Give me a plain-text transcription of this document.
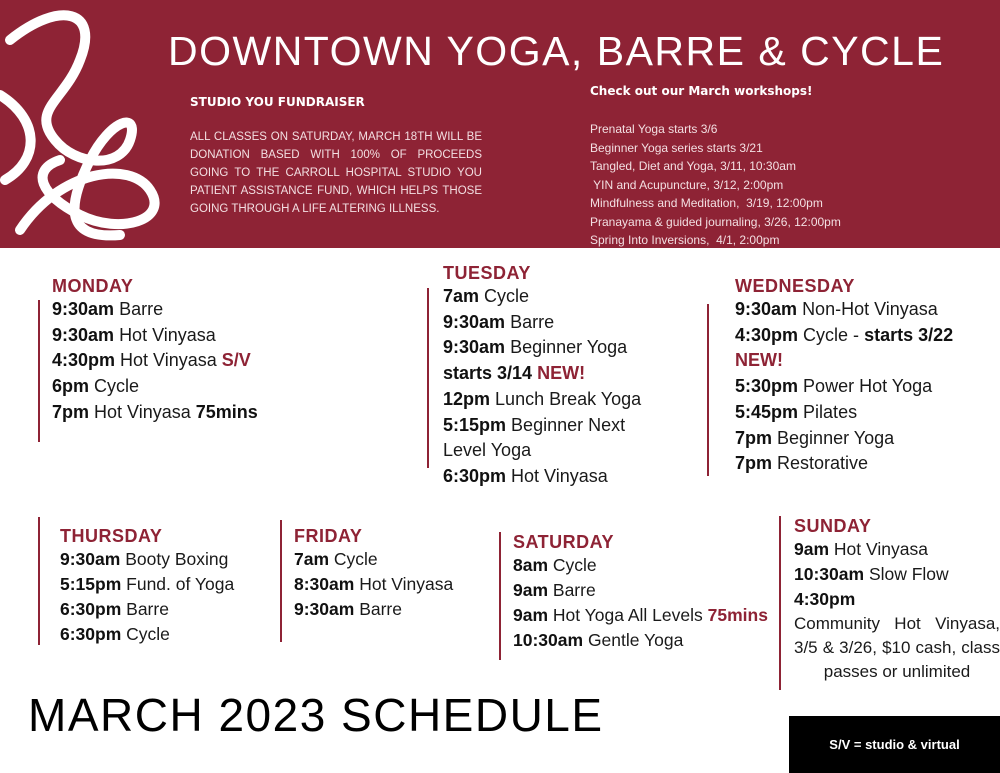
DOWNTOWN YOGA, BARRE & CYCLE
STUDIO YOU FUNDRAISER
ALL CLASSES ON SATURDAY, MARCH 18TH WILL BE DONATION BASED WITH 100% OF PROCEEDS GOING TO THE CARROLL HOSPITAL STUDIO YOU PATIENT ASSISTANCE FUND, WHICH HELPS THOSE GOING THROUGH A LIFE ALTERING ILLNESS.
Check out our March workshops!
Prenatal Yoga starts 3/6
Beginner Yoga series starts 3/21
Tangled, Diet and Yoga, 3/11, 10:30am
YIN and Acupuncture, 3/12, 2:00pm
Mindfulness and Meditation,  3/19, 12:00pm
Pranayama & guided journaling, 3/26, 12:00pm
Spring Into Inversions,  4/1, 2:00pm
MONDAY
9:30am Barre
9:30am Hot Vinyasa
4:30pm Hot Vinyasa S/V
6pm Cycle
7pm Hot Vinyasa 75mins
TUESDAY
7am Cycle
9:30am Barre
9:30am Beginner Yoga
starts 3/14 NEW!
12pm Lunch Break Yoga
5:15pm Beginner Next
Level Yoga
6:30pm Hot Vinyasa
WEDNESDAY
9:30am Non-Hot Vinyasa
4:30pm Cycle - starts 3/22
NEW!
5:30pm Power Hot Yoga
5:45pm Pilates
7pm Beginner Yoga
7pm Restorative
THURSDAY
9:30am Booty Boxing
5:15pm Fund. of Yoga
6:30pm Barre
6:30pm Cycle
FRIDAY
7am Cycle
8:30am Hot Vinyasa
9:30am Barre
SATURDAY
8am Cycle
9am Barre
9am Hot Yoga All Levels 75mins
10:30am Gentle Yoga
SUNDAY
9am Hot Vinyasa
10:30am Slow Flow
4:30pm
Community Hot Vinyasa, 3/5 & 3/26, $10 cash, class passes or unlimited
MARCH 2023 SCHEDULE
S/V = studio & virtual
